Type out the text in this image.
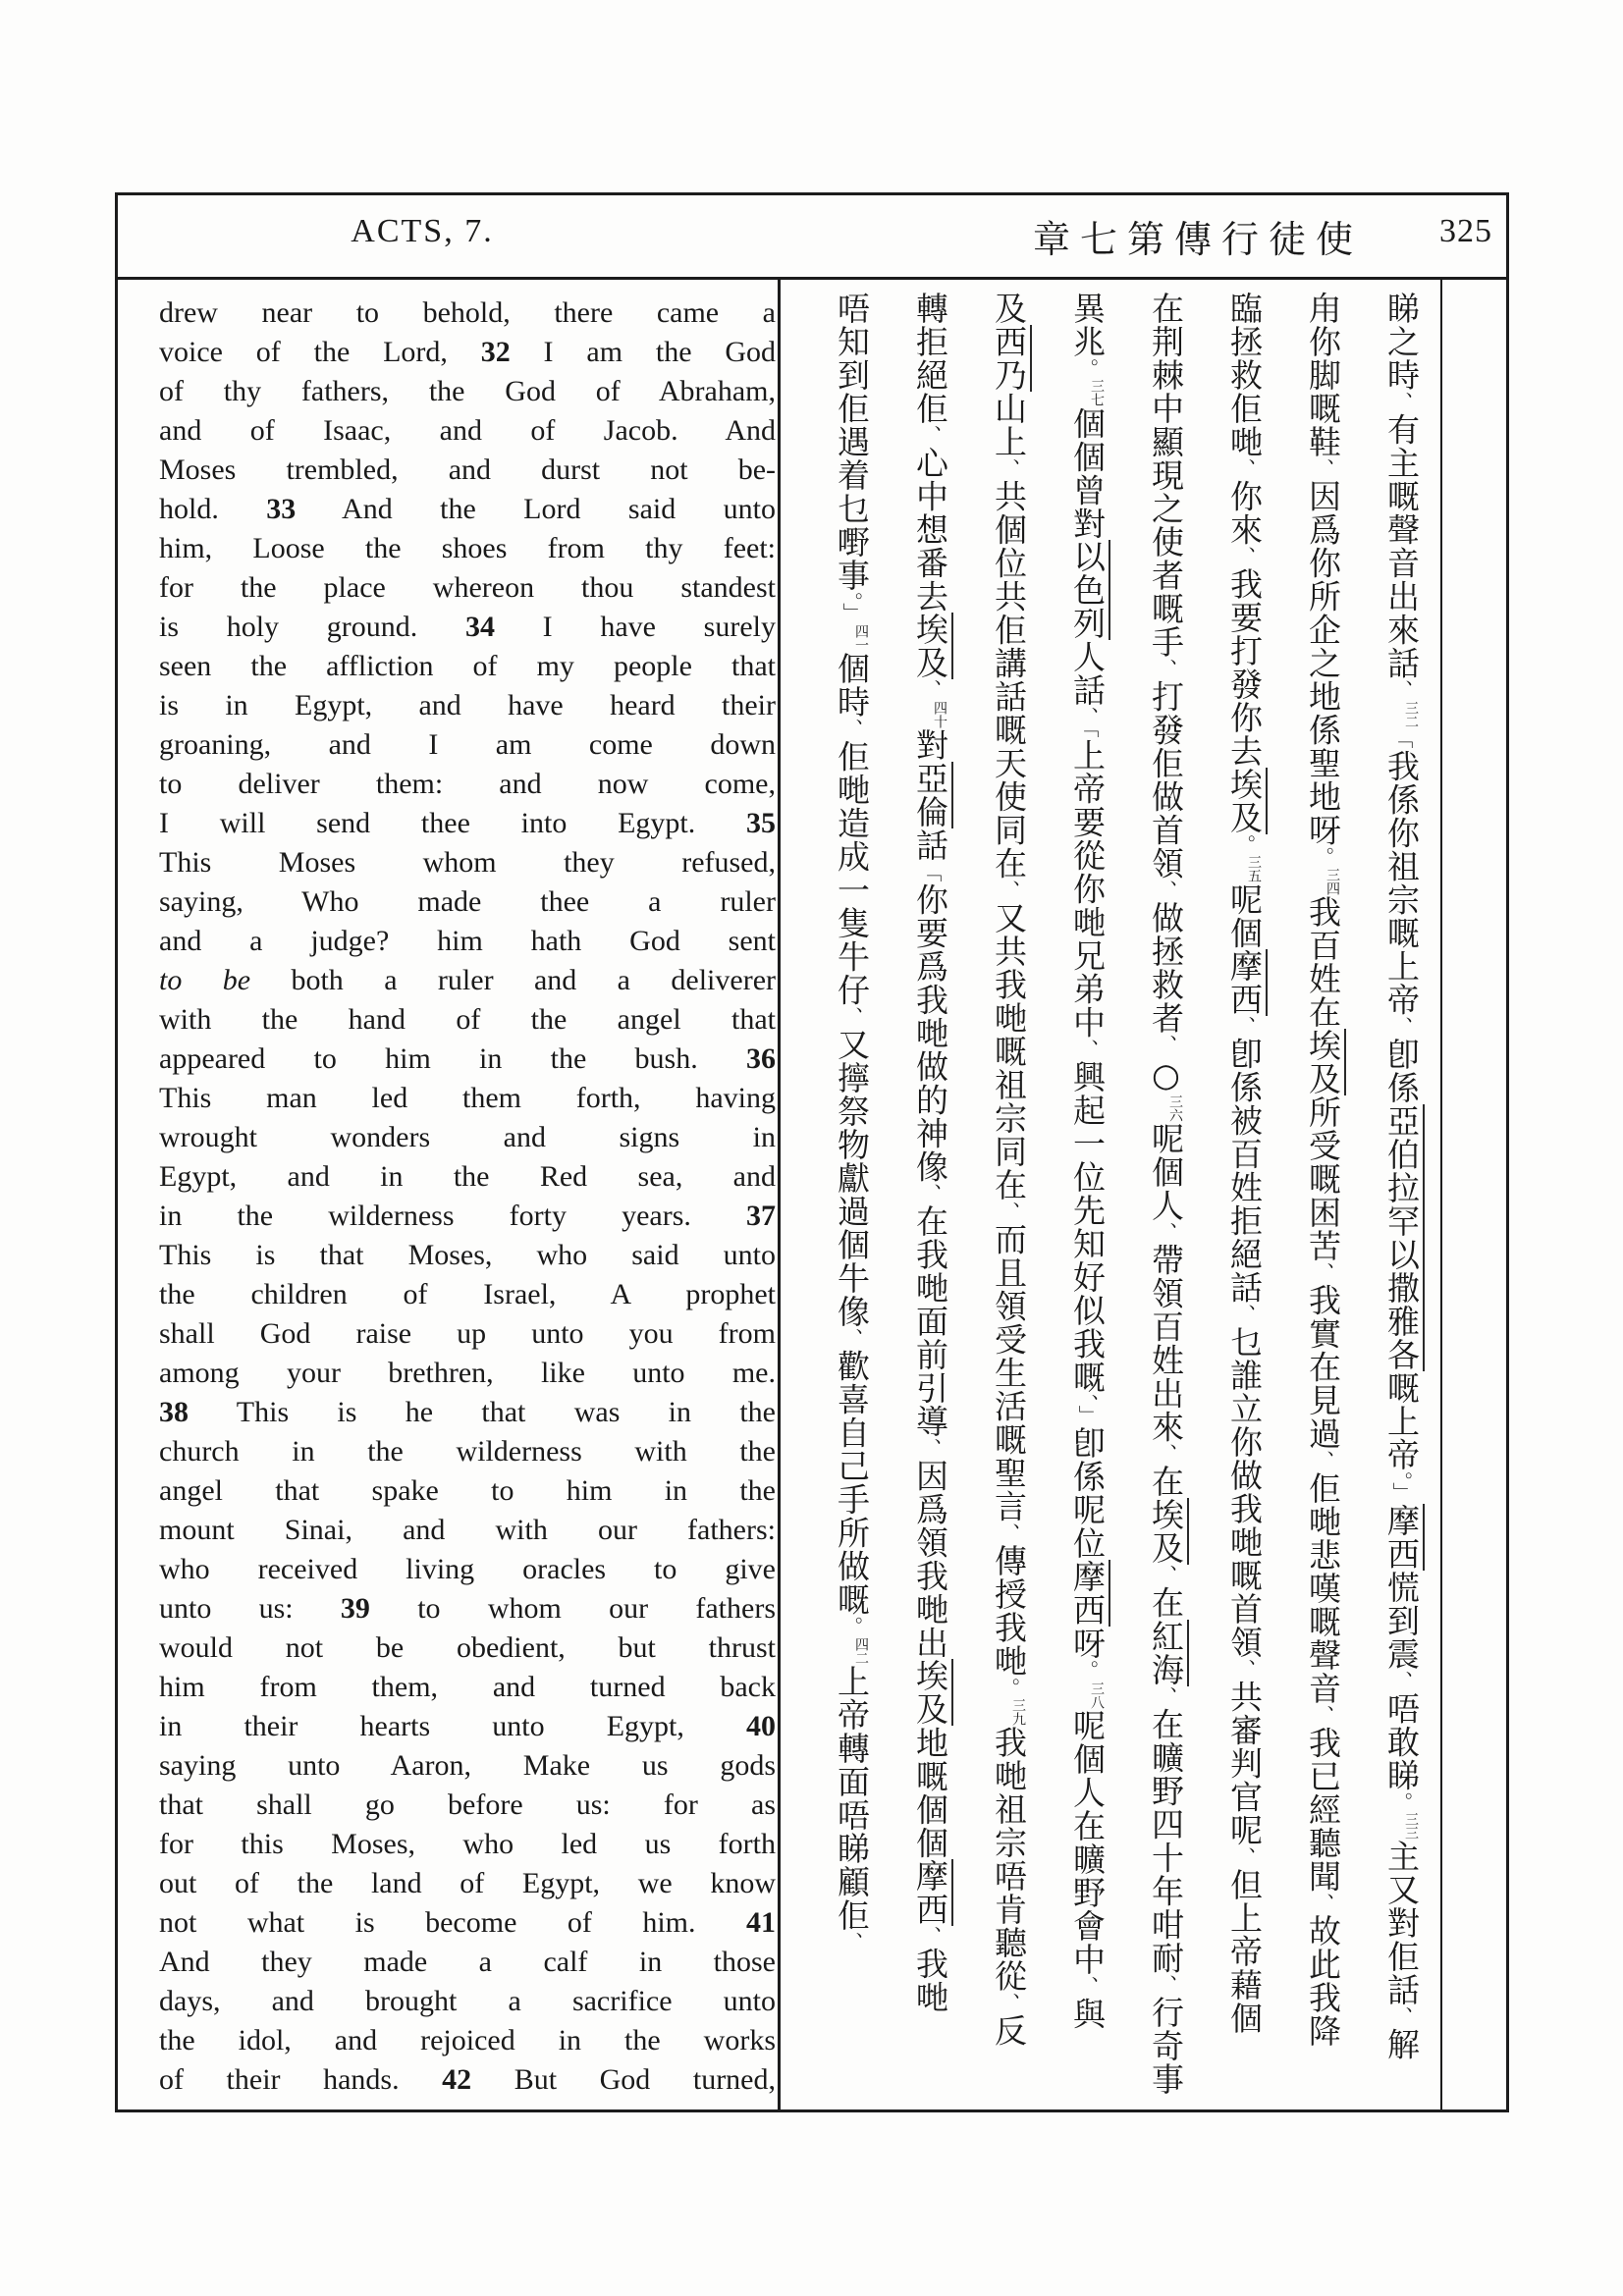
ACTS, 7.	章七第傳行徒使	325
drew near to behold, there came a
voice of the Lord, 32 I am the God
of thy fathers, the God of Abraham,
and of Isaac, and of Jacob. And
Moses trembled, and durst not be-
hold. 33 And the Lord said unto
him, Loose the shoes from thy feet:
for the place whereon thou standest
is holy ground. 34 I have surely
seen the affliction of my people that
is in Egypt, and have heard their
groaning, and I am come down
to deliver them: and now come,
I will send thee into Egypt. 35
This Moses whom they refused,
saying, Who made thee a ruler
and a judge? him hath God sent
to be both a ruler and a deliverer
with the hand of the angel that
appeared to him in the bush. 36
This man led them forth, having
wrought wonders and signs in
Egypt, and in the Red sea, and
in the wilderness forty years. 37
This is that Moses, who said unto
the children of Israel, A prophet
shall God raise up unto you from
among your brethren, like unto me.
38 This is he that was in the
church in the wilderness with the
angel that spake to him in the
mount Sinai, and with our fathers:
who received living oracles to give
unto us: 39 to whom our fathers
would not be obedient, but thrust
him from them, and turned back
in their hearts unto Egypt, 40
saying unto Aaron, Make us gods
that shall go before us: for as
for this Moses, who led us forth
out of the land of Egypt, we know
not what is become of him. 41
And they made a calf in those
days, and brought a sacrifice unto
the idol, and rejoiced in the works
of their hands. 42 But God turned,
睇之時、有主嘅聲音出來話、三二「我係你祖宗嘅上帝、卽係亞伯拉罕以撒雅各嘅上帝。」摩西慌到震、唔敢睇。三三主又對佢話、解
甪你脚嘅鞋、因爲你所企之地係聖地呀。三四我百姓在埃及所受嘅困苦、我實在見過、佢哋悲嘆嘅聲音、我已經聽聞、故此我降
臨拯救佢哋、你來、我要打發你去埃及。三五呢個摩西、卽係被百姓拒絕話、乜誰立你做我哋嘅首領、共審判官呢、但上帝藉個
在荆棘中顯現之使者嘅手、打發佢做首領、做拯救者、○三六呢個人、帶領百姓出來、在埃及、在紅海、在曠野四十年咁耐、行奇事
異兆。三七個個曾對以色列人話、「上帝要從你哋兄弟中、興起一位先知好似我嘅、」卽係呢位摩西呀。三八呢個人在曠野會中、與
及西乃山上、共個位共佢講話嘅天使同在、又共我哋嘅祖宗同在、而且領受生活嘅聖言、傳授我哋。三九我哋祖宗唔肯聽從、反
轉拒絕佢、心中想番去埃及、四十對亞倫話「你要爲我哋做的神像、在我哋面前引導、因爲領我哋出埃及地嘅個個摩西、我哋
唔知到佢遇着乜嘢事。」四一個時、佢哋造成一隻牛仔、又擰祭物獻過個牛像、歡喜自己手所做嘅。四二上帝轉面唔睇顧佢、
